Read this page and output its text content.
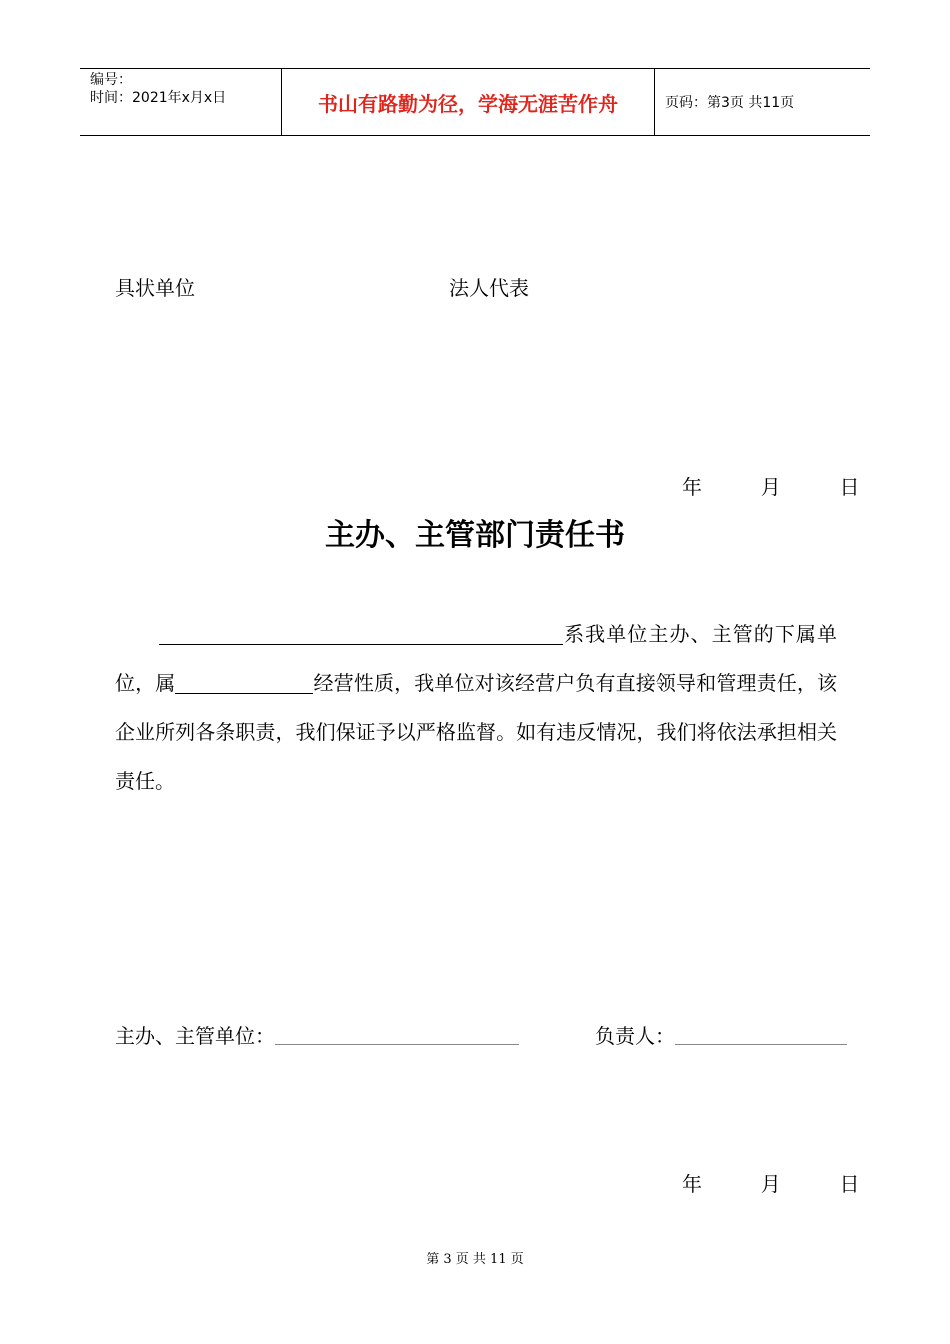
编号：
时间：2021年x月x日	书山有路勤为径，学海无涯苦作舟	页码：第3页 共11页
具状单位	法人代表
年	月	日
主办、主管部门责任书

系我单位主办、主管的下属单位，属	经营性质，我单位对该经营户负有直接领导和管理责任，该企业所列各条职责，我们保证予以严格监督。如有违反情况，我们将依法承担相关责任。

主办、主管单位：	负责人：
年	月	日
第 3 页 共 11 页
